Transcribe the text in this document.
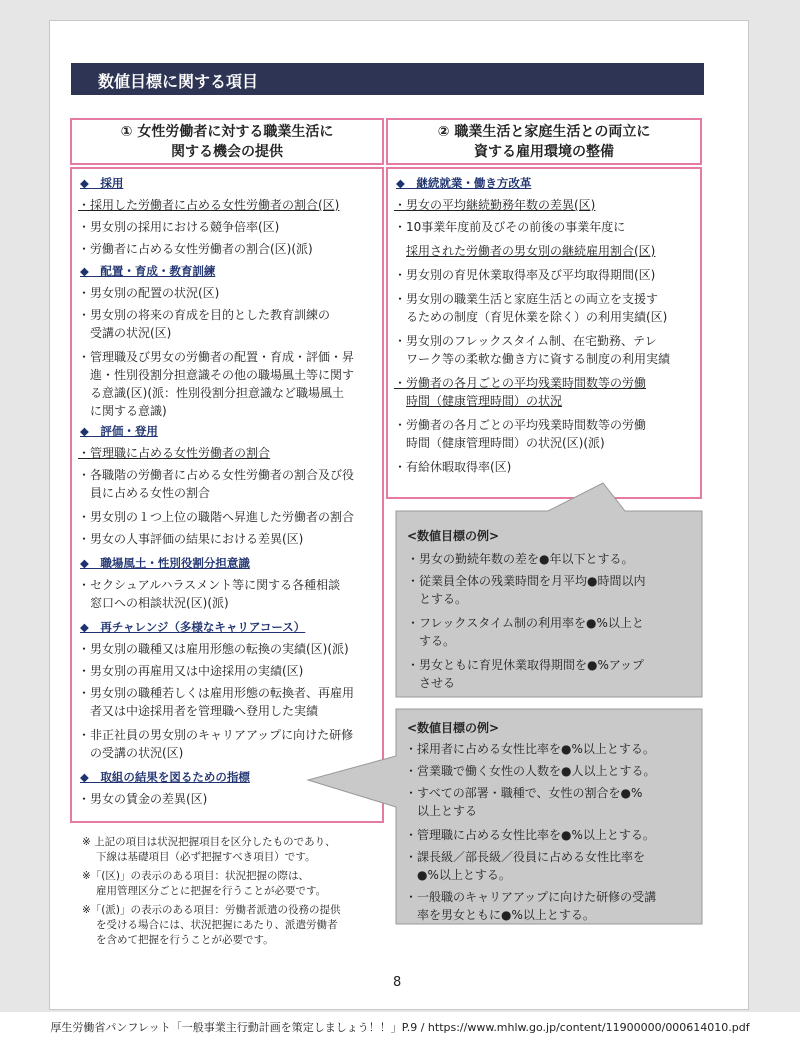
数値目標に関する項目
① 女性労働者に対する職業生活に
関する機会の提供
② 職業生活と家庭生活との両立に
資する雇用環境の整備
◆　採用
・採用した労働者に占める女性労働者の割合(区)
・男女別の採用における競争倍率(区)
・労働者に占める女性労働者の割合(区)(派)
◆　配置・育成・教育訓練
・男女別の配置の状況(区)
・男女別の将来の育成を目的とした教育訓練の
受講の状況(区)
・管理職及び男女の労働者の配置・育成・評価・昇
進・性別役割分担意識その他の職場風土等に関す
る意識(区)(派：性別役割分担意識など職場風土
に関する意識)
◆　評価・登用
・管理職に占める女性労働者の割合
・各職階の労働者に占める女性労働者の割合及び役
員に占める女性の割合
・男女別の１つ上位の職階へ昇進した労働者の割合
・男女の人事評価の結果における差異(区)
◆　職場風土・性別役割分担意識
・セクシュアルハラスメント等に関する各種相談
窓口への相談状況(区)(派)
◆　再チャレンジ（多様なキャリアコース）
・男女別の職種又は雇用形態の転換の実績(区)(派)
・男女別の再雇用又は中途採用の実績(区)
・男女別の職種若しくは雇用形態の転換者、再雇用
者又は中途採用者を管理職へ登用した実績
・非正社員の男女別のキャリアアップに向けた研修
の受講の状況(区)
◆　取組の結果を図るための指標
・男女の賃金の差異(区)
◆　継続就業・働き方改革
・男女の平均継続勤務年数の差異(区)
・10事業年度前及びその前後の事業年度に
採用された労働者の男女別の継続雇用割合(区)
・男女別の育児休業取得率及び平均取得期間(区)
・男女別の職業生活と家庭生活との両立を支援す
るための制度（育児休業を除く）の利用実績(区)
・男女別のフレックスタイム制、在宅勤務、テレ
ワーク等の柔軟な働き方に資する制度の利用実績
・労働者の各月ごとの平均残業時間数等の労働
時間（健康管理時間）の状況
・労働者の各月ごとの平均残業時間数等の労働
時間（健康管理時間）の状況(区)(派)
・有給休暇取得率(区)
<数値目標の例>
・男女の勤続年数の差を●年以下とする。
・従業員全体の残業時間を月平均●時間以内
とする。
・フレックスタイム制の利用率を●%以上と
する。
・男女ともに育児休業取得期間を●%アップ
させる
<数値目標の例>
・採用者に占める女性比率を●%以上とする。
・営業職で働く女性の人数を●人以上とする。
・すべての部署・職種で、女性の割合を●%
以上とする
・管理職に占める女性比率を●%以上とする。
・課長級／部長級／役員に占める女性比率を
●%以上とする。
・一般職のキャリアアップに向けた研修の受講
率を男女ともに●%以上とする。
※ 上記の項目は状況把握項目を区分したものであり、
下線は基礎項目（必ず把握すべき項目）です。
※「(区)」の表示のある項目：状況把握の際は、
雇用管理区分ごとに把握を行うことが必要です。
※「(派)」の表示のある項目：労働者派遣の役務の提供
を受ける場合には、状況把握にあたり、派遣労働者
を含めて把握を行うことが必要です。
8
厚生労働省パンフレット「一般事業主行動計画を策定しましょう！！」P.9 / https://www.mhlw.go.jp/content/11900000/000614010.pdf
